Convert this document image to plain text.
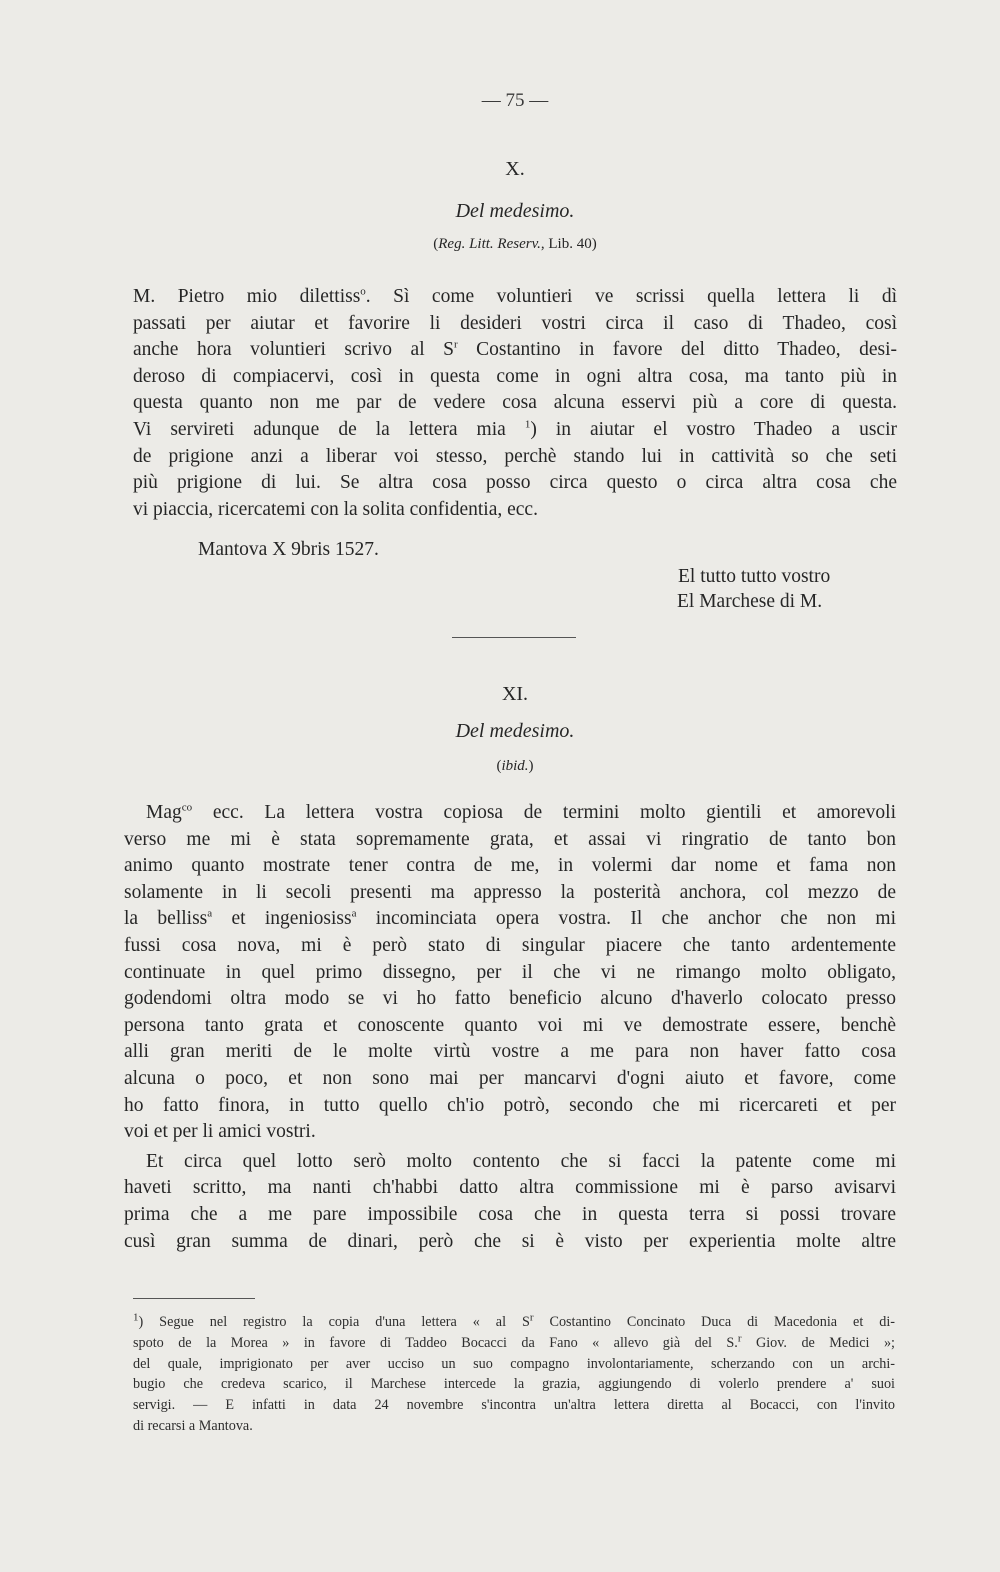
— 75 —
X.
Del medesimo.
(Reg. Litt. Reserv., Lib. 40)
M. Pietro mio dilettiss$^o$. Sì come voluntieri ve scrissi quella lettera li dì
passati per aiutar et favorire li desideri vostri circa il caso di Thadeo, così
anche hora voluntieri scrivo al $S^r$ Costantino in favore del ditto Thadeo, desi-
deroso di compiacervi, così in questa come in ogni altra cosa, ma tanto più in
questa quanto non me par de vedere cosa alcuna esservi più a core di questa.
Vi servireti adunque de la lettera mia $^1$) in aiutar el vostro Thadeo a uscir
de prigione anzi a liberar voi stesso, perchè stando lui in cattività so che seti
più prigione di lui. Se altra cosa posso circa questo o circa altra cosa che
vi piaccia, ricercatemi con la solita confidentia, ecc.
Mantova X 9bris 1527.
El tutto tutto vostro
El Marchese di M.
XI.
Del medesimo.
(ibid.)
Mag$^{co}$ ecc. La lettera vostra copiosa de termini molto gientili et amorevoli
verso me mi è stata sopremamente grata, et assai vi ringratio de tanto bon
animo quanto mostrate tener contra de me, in volermi dar nome et fama non
solamente in li secoli presenti ma appresso la posterità anchora, col mezzo de
la belliss$^a$ et ingeniosiss$^a$ incominciata opera vostra. Il che anchor che non mi
fussi cosa nova, mi è però stato di singular piacere che tanto ardentemente
continuate in quel primo dissegno, per il che vi ne rimango molto obligato,
godendomi oltra modo se vi ho fatto beneficio alcuno d'haverlo colocato presso
persona tanto grata et conoscente quanto voi mi ve demostrate essere, benchè
alli gran meriti de le molte virtù vostre a me para non haver fatto cosa
alcuna o poco, et non sono mai per mancarvi d'ogni aiuto et favore, come
ho fatto finora, in tutto quello ch'io potrò, secondo che mi ricercareti et per
voi et per li amici vostri.
Et circa quel lotto serò molto contento che si facci la patente come mi
haveti scritto, ma nanti ch'habbi datto altra commissione mi è parso avisarvi
prima che a me pare impossibile cosa che in questa terra si possi trovare
cusì gran summa de dinari, però che si è visto per experientia molte altre
$^1$) Segue nel registro la copia d'una lettera « al $S^r$ Costantino Concinato Duca di Macedonia et di-
spoto de la Morea » in favore di Taddeo Bocacci da Fano « allevo già del S.$^r$ Giov. de Medici »;
del quale, imprigionato per aver ucciso un suo compagno involontariamente, scherzando con un archi-
bugio che credeva scarico, il Marchese intercede la grazia, aggiungendo di volerlo prendere a' suoi
servigi. — E infatti in data 24 novembre s'incontra un'altra lettera diretta al Bocacci, con l'invito
di recarsi a Mantova.
